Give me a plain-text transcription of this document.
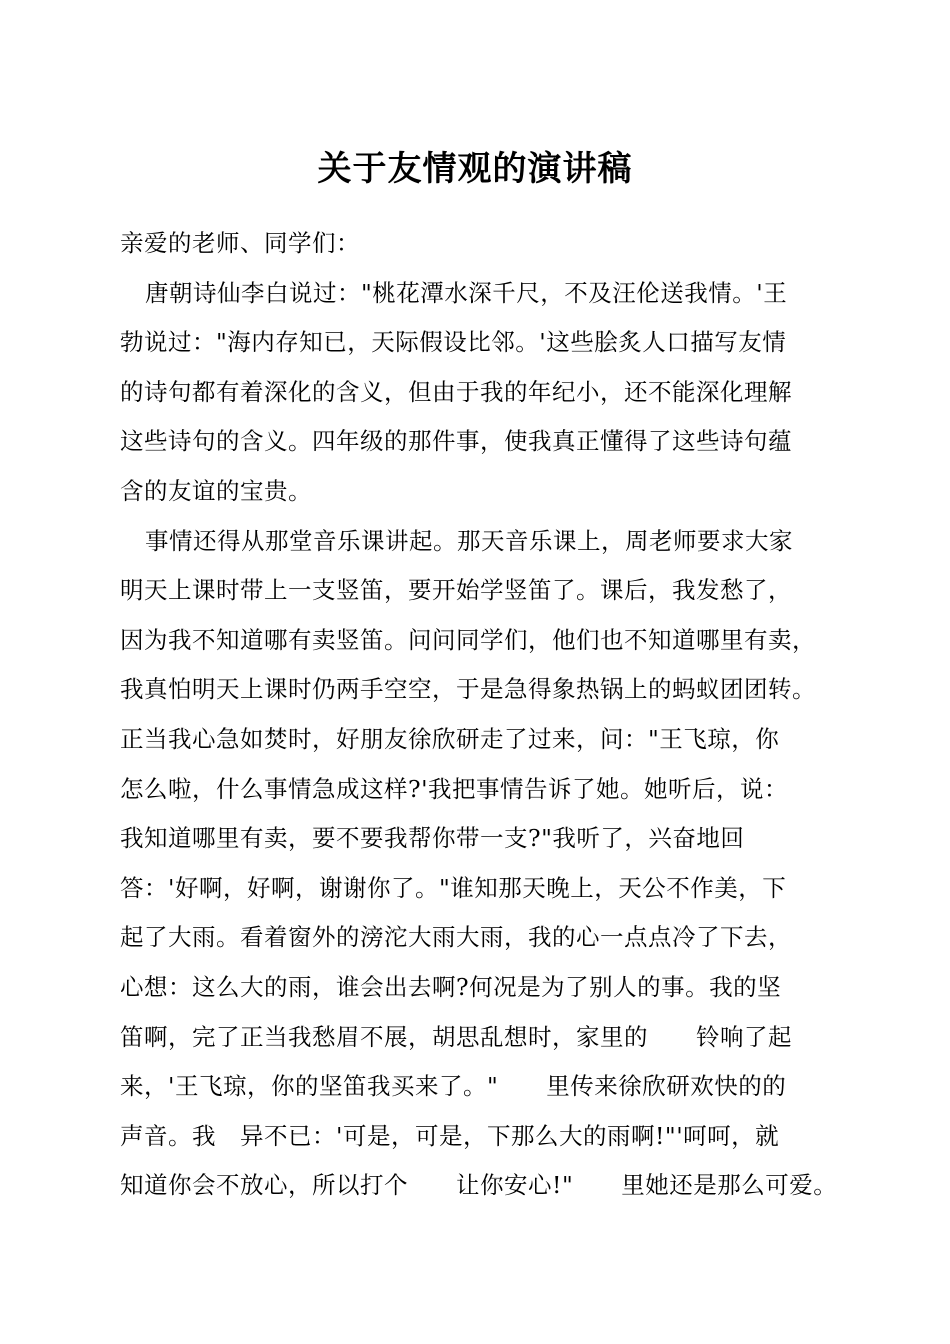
关于友情观的演讲稿
亲爱的老师、同学们：
唐朝诗仙李白说过："桃花潭水深千尺，不及汪伦送我情。'王
勃说过："海内存知已，天际假设比邻。'这些脍炙人口描写友情
的诗句都有着深化的含义，但由于我的年纪小，还不能深化理解
这些诗句的含义。四年级的那件事，使我真正懂得了这些诗句蕴
含的友谊的宝贵。
事情还得从那堂音乐课讲起。那天音乐课上，周老师要求大家
明天上课时带上一支竖笛，要开始学竖笛了。课后，我发愁了，
因为我不知道哪有卖竖笛。问问同学们，他们也不知道哪里有卖，
我真怕明天上课时仍两手空空，于是急得象热锅上的蚂蚁团团转。
正当我心急如焚时，好朋友徐欣研走了过来，问："王飞琼，你
怎么啦，什么事情急成这样?'我把事情告诉了她。她听后，说：
我知道哪里有卖，要不要我帮你带一支?"我听了，兴奋地回
答：'好啊，好啊，谢谢你了。"谁知那天晚上，天公不作美，下
起了大雨。看着窗外的滂沱大雨大雨，我的心一点点冷了下去，
心想：这么大的雨，谁会出去啊?何况是为了别人的事。我的坚
笛啊，完了正当我愁眉不展，胡思乱想时，家里的　　铃响了起
来，'王飞琼，你的坚笛我买来了。"　　里传来徐欣研欢快的的
声音。我　异不已：'可是，可是，下那么大的雨啊!"'呵呵，就
知道你会不放心，所以打个　　让你安心!"　　里她还是那么可爱。
